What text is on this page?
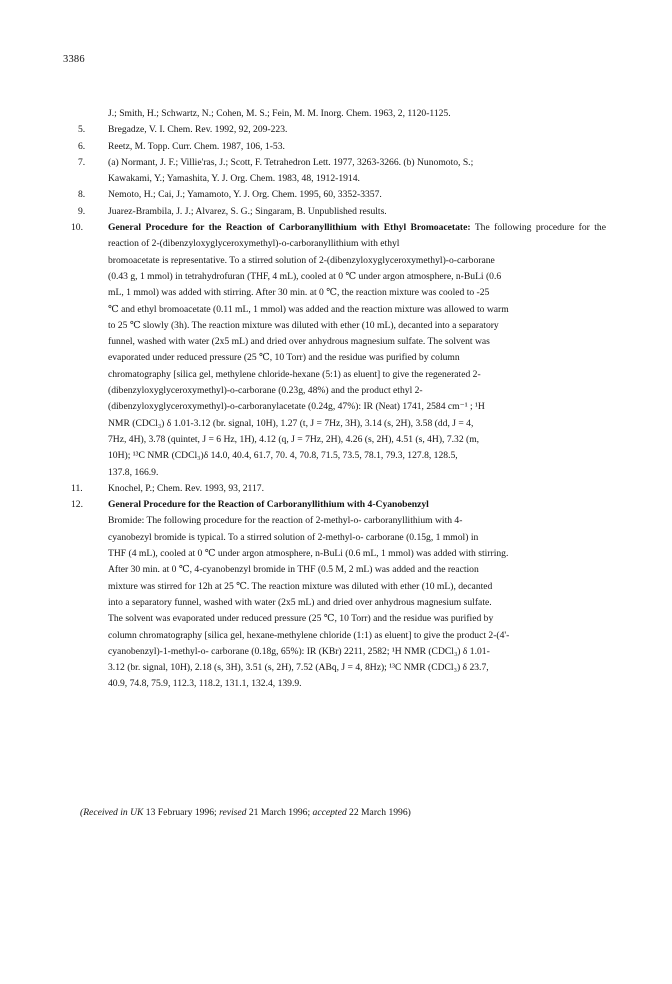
3386
J.; Smith, H.; Schwartz, N.; Cohen, M. S.; Fein, M. M. Inorg. Chem. 1963, 2, 1120-1125.
5.	Bregadze, V. I. Chem. Rev. 1992, 92, 209-223.
6.	Reetz, M. Topp. Curr. Chem. 1987, 106, 1-53.
7.	(a) Normant, J. F.; Villie'ras, J.; Scott, F. Tetrahedron Lett. 1977, 3263-3266. (b) Nunomoto, S.;
Kawakami, Y.; Yamashita, Y. J. Org. Chem. 1983, 48, 1912-1914.
8.	Nemoto, H.; Cai, J.; Yamamoto, Y. J. Org. Chem. 1995, 60, 3352-3357.
9.	Juarez-Brambila, J. J.; Alvarez, S. G.; Singaram, B. Unpublished results.
10.	General Procedure for the Reaction of Carboranyllithium with Ethyl Bromoacetate: The following procedure for the reaction of 2-(dibenzyloxyglyceroxymethyl)-o-carboranyllithium with ethyl
bromoacetate is representative. To a stirred solution of 2-(dibenzyloxyglyceroxymethyl)-o-carborane
(0.43 g, 1 mmol) in tetrahydrofuran (THF, 4 mL), cooled at 0 ℃ under argon atmosphere, n-BuLi (0.6
mL, 1 mmol) was added with stirring. After 30 min. at 0 ℃, the reaction mixture was cooled to -25
℃ and ethyl bromoacetate (0.11 mL, 1 mmol) was added and the reaction mixture was allowed to warm
to 25 ℃ slowly (3h). The reaction mixture was diluted with ether (10 mL), decanted into a separatory
funnel, washed with water (2x5 mL) and dried over anhydrous magnesium sulfate. The solvent was
evaporated under reduced pressure (25 ℃, 10 Torr) and the residue was purified by column
chromatography [silica gel, methylene chloride-hexane (5:1) as eluent] to give the regenerated 2-
(dibenzyloxyglyceroxymethyl)-o-carborane (0.23g, 48%) and the product ethyl 2-
(dibenzyloxyglyceroxymethyl)-o-carboranylacetate (0.24g, 47%): IR (Neat) 1741, 2584 cm⁻¹ ; ¹H
NMR (CDCl₃) δ 1.01-3.12 (br. signal, 10H), 1.27 (t, J = 7Hz, 3H), 3.14 (s, 2H), 3.58 (dd, J = 4,
7Hz, 4H), 3.78 (quintet, J = 6 Hz, 1H), 4.12 (q, J = 7Hz, 2H), 4.26 (s, 2H), 4.51 (s, 4H), 7.32 (m,
10H); ¹³C NMR (CDCl₃)δ 14.0, 40.4, 61.7, 70. 4, 70.8, 71.5, 73.5, 78.1, 79.3, 127.8, 128.5,
137.8, 166.9.
11.	Knochel, P.; Chem. Rev. 1993, 93, 2117.
12.	General Procedure for the Reaction of Carboranyllithium with 4-Cyanobenzyl
Bromide: The following procedure for the reaction of 2-methyl-o- carboranyllithium with 4-
cyanobezyl bromide is typical. To a stirred solution of 2-methyl-o- carborane (0.15g, 1 mmol) in
THF (4 mL), cooled at 0 ℃ under argon atmosphere, n-BuLi (0.6 mL, 1 mmol) was added with stirring.
After 30 min. at 0 ℃, 4-cyanobenzyl bromide in THF (0.5 M, 2 mL) was added and the reaction
mixture was stirred for 12h at 25 ℃. The reaction mixture was diluted with ether (10 mL), decanted
into a separatory funnel, washed with water (2x5 mL) and dried over anhydrous magnesium sulfate.
The solvent was evaporated under reduced pressure (25 ℃, 10 Torr) and the residue was purified by
column chromatography [silica gel, hexane-methylene chloride (1:1) as eluent] to give the product 2-(4'-
cyanobenzyl)-1-methyl-o- carborane (0.18g, 65%): IR (KBr) 2211, 2582; ¹H NMR (CDCl₃) δ 1.01-
3.12 (br. signal, 10H), 2.18 (s, 3H), 3.51 (s, 2H), 7.52 (ABq, J = 4, 8Hz); ¹³C NMR (CDCl₃) δ 23.7,
40.9, 74.8, 75.9, 112.3, 118.2, 131.1, 132.4, 139.9.
(Received in UK 13 February 1996; revised 21 March 1996; accepted 22 March 1996)
